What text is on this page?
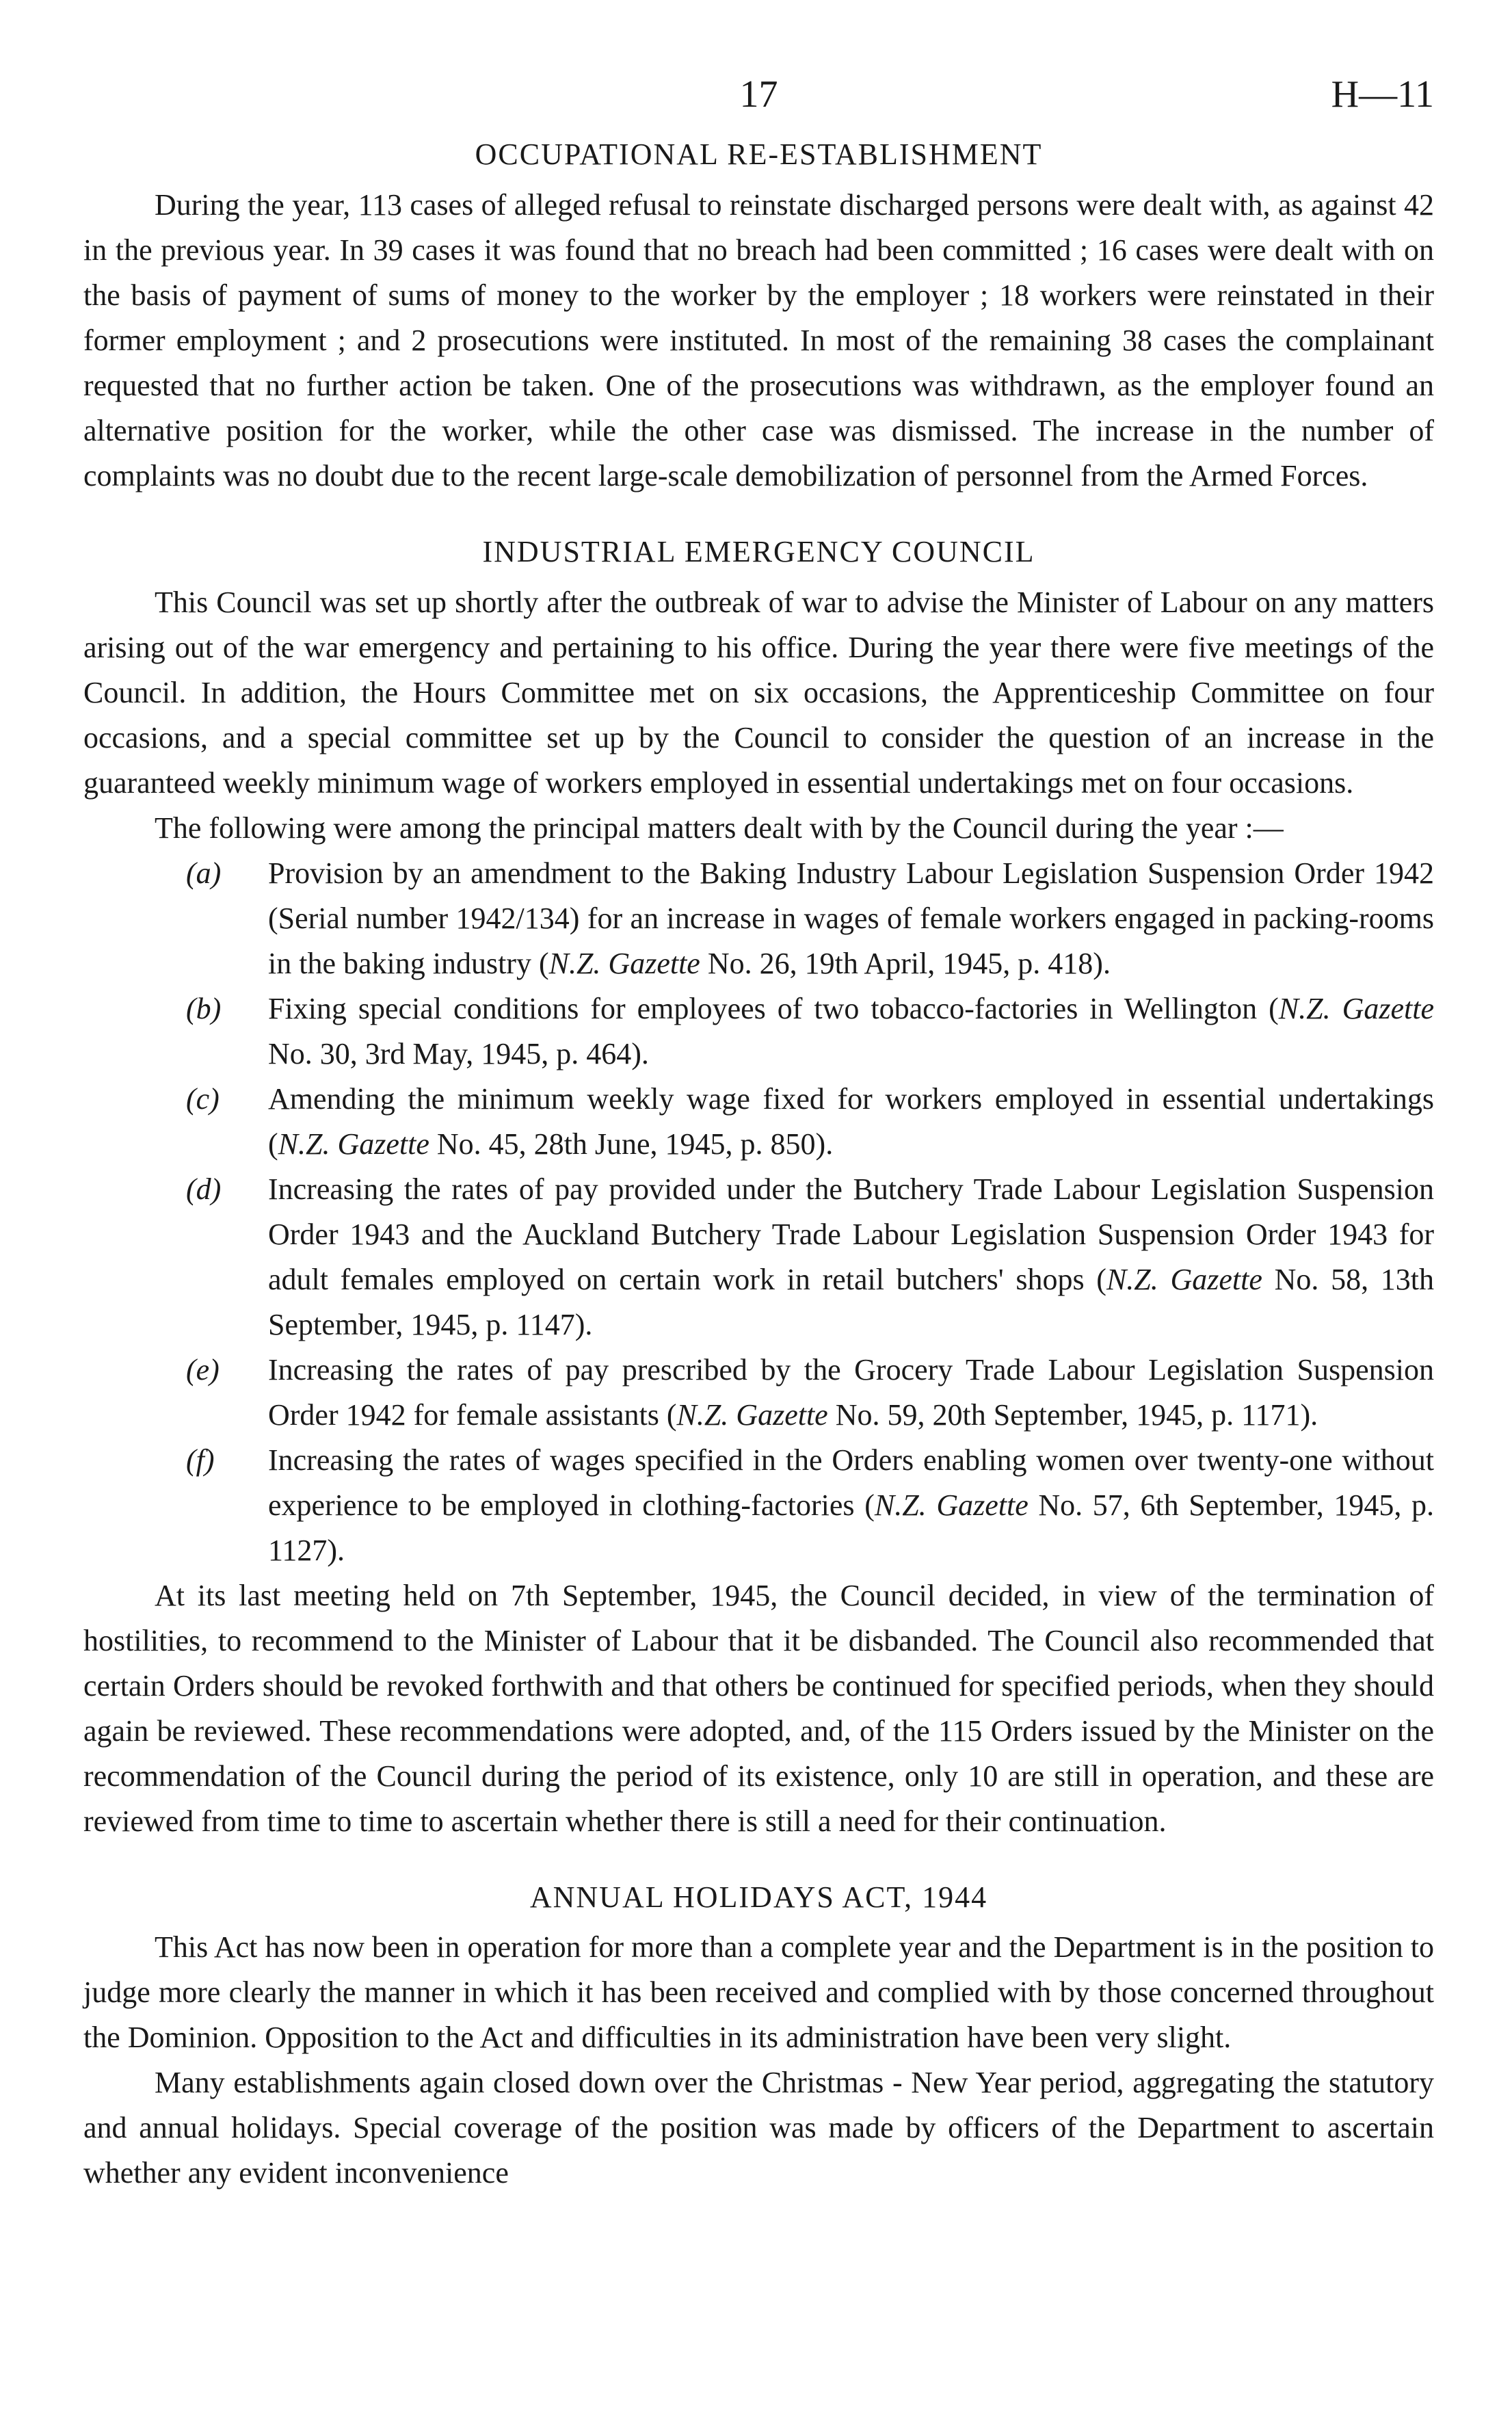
17	H—11
OCCUPATIONAL RE-ESTABLISHMENT

During the year, 113 cases of alleged refusal to reinstate discharged persons were dealt with, as against 42 in the previous year. In 39 cases it was found that no breach had been committed ; 16 cases were dealt with on the basis of payment of sums of money to the worker by the employer ; 18 workers were reinstated in their former employment ; and 2 prosecutions were instituted. In most of the remaining 38 cases the complainant requested that no further action be taken. One of the prosecutions was withdrawn, as the employer found an alternative position for the worker, while the other case was dismissed. The increase in the number of complaints was no doubt due to the recent large-scale demobilization of personnel from the Armed Forces.

INDUSTRIAL EMERGENCY COUNCIL

This Council was set up shortly after the outbreak of war to advise the Minister of Labour on any matters arising out of the war emergency and pertaining to his office. During the year there were five meetings of the Council. In addition, the Hours Committee met on six occasions, the Apprenticeship Committee on four occasions, and a special committee set up by the Council to consider the question of an increase in the guaranteed weekly minimum wage of workers employed in essential undertakings met on four occasions.

The following were among the principal matters dealt with by the Council during the year :—

(a) Provision by an amendment to the Baking Industry Labour Legislation Suspension Order 1942 (Serial number 1942/134) for an increase in wages of female workers engaged in packing-rooms in the baking industry (N.Z. Gazette No. 26, 19th April, 1945, p. 418).
(b) Fixing special conditions for employees of two tobacco-factories in Wellington (N.Z. Gazette No. 30, 3rd May, 1945, p. 464).
(c) Amending the minimum weekly wage fixed for workers employed in essential undertakings (N.Z. Gazette No. 45, 28th June, 1945, p. 850).
(d) Increasing the rates of pay provided under the Butchery Trade Labour Legislation Suspension Order 1943 and the Auckland Butchery Trade Labour Legislation Suspension Order 1943 for adult females employed on certain work in retail butchers' shops (N.Z. Gazette No. 58, 13th September, 1945, p. 1147).
(e) Increasing the rates of pay prescribed by the Grocery Trade Labour Legislation Suspension Order 1942 for female assistants (N.Z. Gazette No. 59, 20th September, 1945, p. 1171).
(f) Increasing the rates of wages specified in the Orders enabling women over twenty-one without experience to be employed in clothing-factories (N.Z. Gazette No. 57, 6th September, 1945, p. 1127).

At its last meeting held on 7th September, 1945, the Council decided, in view of the termination of hostilities, to recommend to the Minister of Labour that it be disbanded. The Council also recommended that certain Orders should be revoked forthwith and that others be continued for specified periods, when they should again be reviewed. These recommendations were adopted, and, of the 115 Orders issued by the Minister on the recommendation of the Council during the period of its existence, only 10 are still in operation, and these are reviewed from time to time to ascertain whether there is still a need for their continuation.

ANNUAL HOLIDAYS ACT, 1944

This Act has now been in operation for more than a complete year and the Department is in the position to judge more clearly the manner in which it has been received and complied with by those concerned throughout the Dominion. Opposition to the Act and difficulties in its administration have been very slight.

Many establishments again closed down over the Christmas - New Year period, aggregating the statutory and annual holidays. Special coverage of the position was made by officers of the Department to ascertain whether any evident inconvenience
